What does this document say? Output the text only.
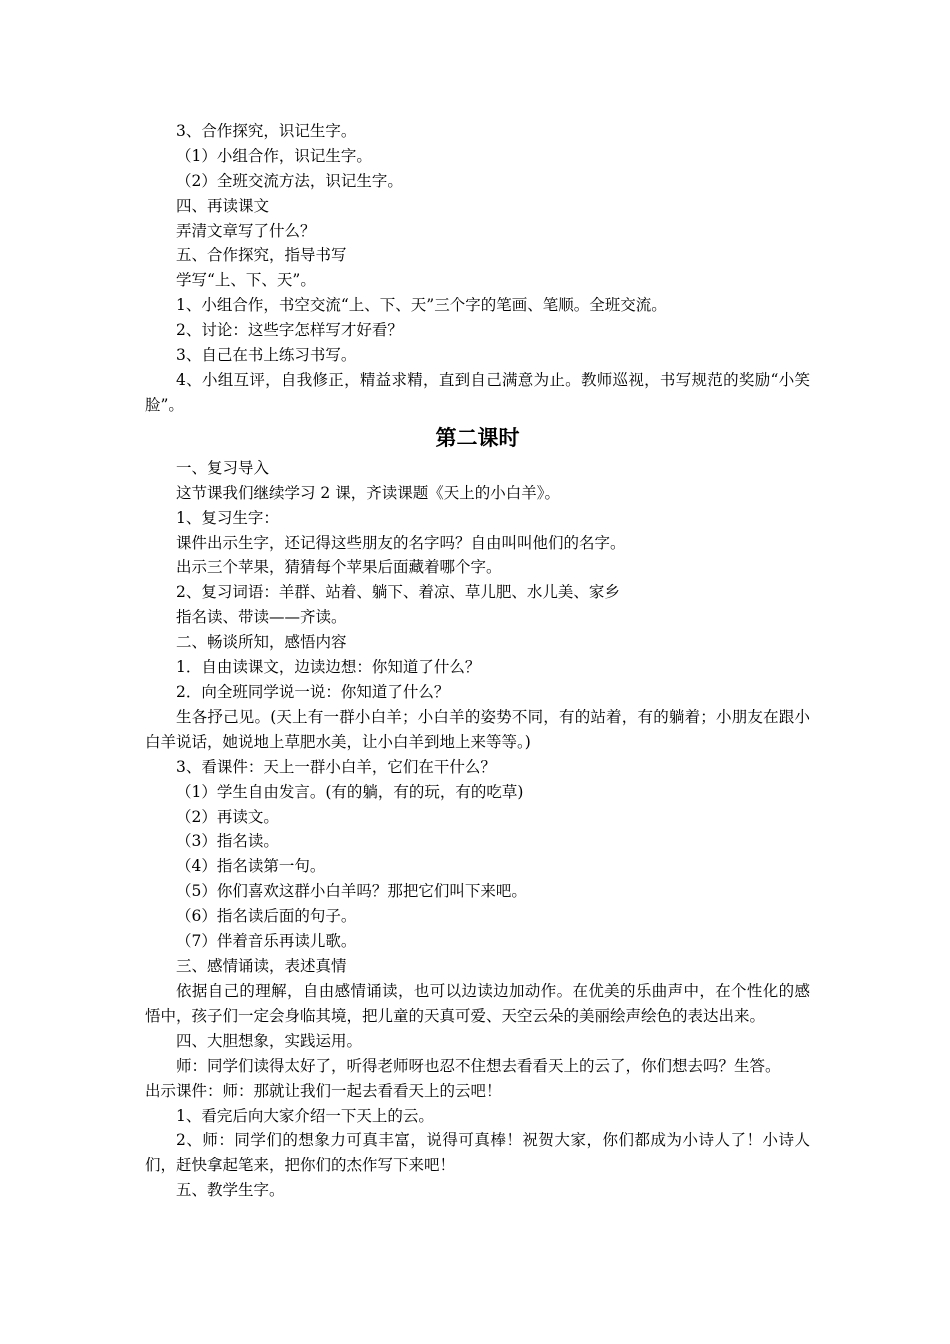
3、合作探究，识记生字。
（1）小组合作，识记生字。
（2）全班交流方法，识记生字。
四、再读课文
弄清文章写了什么？
五、合作探究，指导书写
学写“上、下、天”。
1、小组合作，书空交流“上、下、天”三个字的笔画、笔顺。全班交流。
2、讨论：这些字怎样写才好看？
3、自己在书上练习书写。
4、小组互评，自我修正，精益求精，直到自己满意为止。教师巡视，书写规范的奖励“小笑脸”。
第二课时
一、复习导入
这节课我们继续学习 2 课，齐读课题《天上的小白羊》。
1、复习生字：
课件出示生字，还记得这些朋友的名字吗？自由叫叫他们的名字。
出示三个苹果，猜猜每个苹果后面藏着哪个字。
2、复习词语：羊群、站着、躺下、着凉、草儿肥、水儿美、家乡
指名读、带读——齐读。
二、畅谈所知，感悟内容
1．自由读课文，边读边想：你知道了什么？
2．向全班同学说一说：你知道了什么？
生各抒己见。(天上有一群小白羊；小白羊的姿势不同，有的站着，有的躺着；小朋友在跟小白羊说话，她说地上草肥水美，让小白羊到地上来等等。)
3、看课件：天上一群小白羊，它们在干什么？
（1）学生自由发言。(有的躺，有的玩，有的吃草)
（2）再读文。
（3）指名读。
（4）指名读第一句。
（5）你们喜欢这群小白羊吗？那把它们叫下来吧。
（6）指名读后面的句子。
（7）伴着音乐再读儿歌。
三、感情诵读，表述真情
依据自己的理解，自由感情诵读，也可以边读边加动作。在优美的乐曲声中，在个性化的感悟中，孩子们一定会身临其境，把儿童的天真可爱、天空云朵的美丽绘声绘色的表达出来。
四、大胆想象，实践运用。
师：同学们读得太好了，听得老师呀也忍不住想去看看天上的云了，你们想去吗？生答。
出示课件：师：那就让我们一起去看看天上的云吧！
1、看完后向大家介绍一下天上的云。
2、师：同学们的想象力可真丰富，说得可真棒！祝贺大家，你们都成为小诗人了！小诗人们，赶快拿起笔来，把你们的杰作写下来吧！
五、教学生字。
